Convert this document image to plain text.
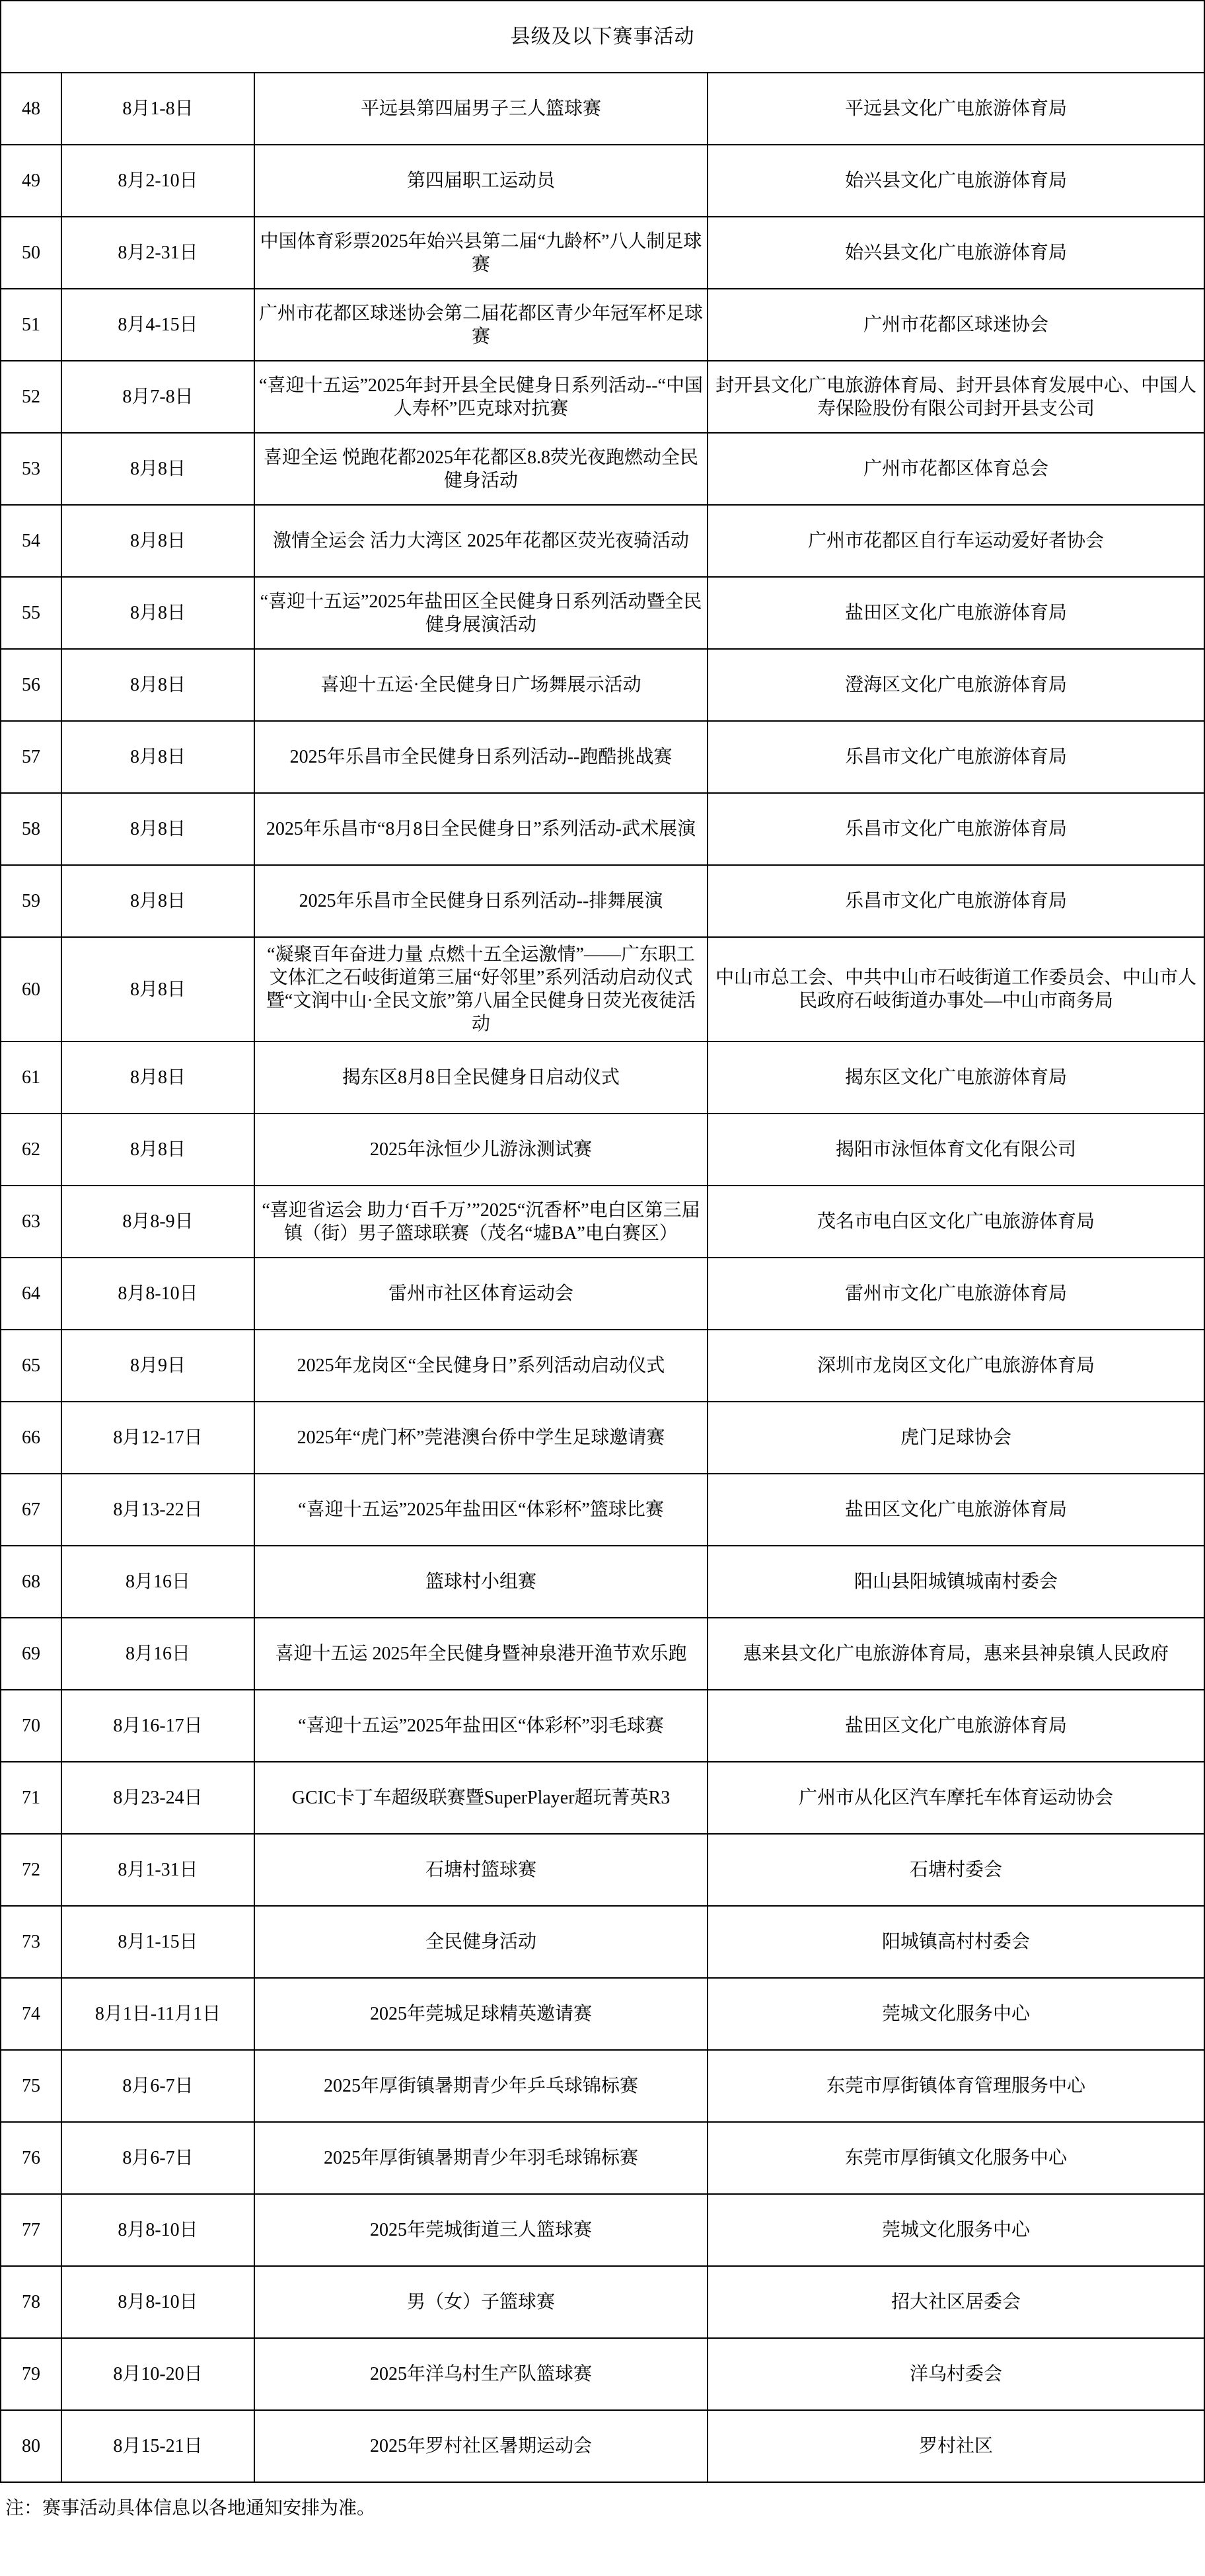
县级及以下赛事活动			
48	8月1-8日	平远县第四届男子三人篮球赛	平远县文化广电旅游体育局
49	8月2-10日	第四届职工运动员	始兴县文化广电旅游体育局
50	8月2-31日	中国体育彩票2025年始兴县第二届“九龄杯”八人制足球赛	始兴县文化广电旅游体育局
51	8月4-15日	广州市花都区球迷协会第二届花都区青少年冠军杯足球赛	广州市花都区球迷协会
52	8月7-8日	“喜迎十五运”2025年封开县全民健身日系列活动--“中国人寿杯”匹克球对抗赛	封开县文化广电旅游体育局、封开县体育发展中心、中国人寿保险股份有限公司封开县支公司
53	8月8日	喜迎全运 悦跑花都2025年花都区8.8荧光夜跑燃动全民健身活动	广州市花都区体育总会
54	8月8日	激情全运会 活力大湾区 2025年花都区荧光夜骑活动	广州市花都区自行车运动爱好者协会
55	8月8日	“喜迎十五运”2025年盐田区全民健身日系列活动暨全民健身展演活动	盐田区文化广电旅游体育局
56	8月8日	喜迎十五运·全民健身日广场舞展示活动	澄海区文化广电旅游体育局
57	8月8日	2025年乐昌市全民健身日系列活动--跑酷挑战赛	乐昌市文化广电旅游体育局
58	8月8日	2025年乐昌市“8月8日全民健身日”系列活动-武术展演	乐昌市文化广电旅游体育局
59	8月8日	2025年乐昌市全民健身日系列活动--排舞展演	乐昌市文化广电旅游体育局
60	8月8日	“凝聚百年奋进力量 点燃十五全运激情”——广东职工文体汇之石岐街道第三届“好邻里”系列活动启动仪式暨“文润中山·全民文旅”第八届全民健身日荧光夜徒活动	中山市总工会、中共中山市石岐街道工作委员会、中山市人民政府石岐街道办事处—中山市商务局
61	8月8日	揭东区8月8日全民健身日启动仪式	揭东区文化广电旅游体育局
62	8月8日	2025年泳恒少儿游泳测试赛	揭阳市泳恒体育文化有限公司
63	8月8-9日	“喜迎省运会 助力‘百千万’”2025“沉香杯”电白区第三届镇（街）男子篮球联赛（茂名“墟BA”电白赛区）	茂名市电白区文化广电旅游体育局
64	8月8-10日	雷州市社区体育运动会	雷州市文化广电旅游体育局
65	8月9日	2025年龙岗区“全民健身日”系列活动启动仪式	深圳市龙岗区文化广电旅游体育局
66	8月12-17日	2025年“虎门杯”莞港澳台侨中学生足球邀请赛	虎门足球协会
67	8月13-22日	“喜迎十五运”2025年盐田区“体彩杯”篮球比赛	盐田区文化广电旅游体育局
68	8月16日	篮球村小组赛	阳山县阳城镇城南村委会
69	8月16日	喜迎十五运 2025年全民健身暨神泉港开渔节欢乐跑	惠来县文化广电旅游体育局，惠来县神泉镇人民政府
70	8月16-17日	“喜迎十五运”2025年盐田区“体彩杯”羽毛球赛	盐田区文化广电旅游体育局
71	8月23-24日	GCIC卡丁车超级联赛暨SuperPlayer超玩菁英R3	广州市从化区汽车摩托车体育运动协会
72	8月1-31日	石塘村篮球赛	石塘村委会
73	8月1-15日	全民健身活动	阳城镇高村村委会
74	8月1日-11月1日	2025年莞城足球精英邀请赛	莞城文化服务中心
75	8月6-7日	2025年厚街镇暑期青少年乒乓球锦标赛	东莞市厚街镇体育管理服务中心
76	8月6-7日	2025年厚街镇暑期青少年羽毛球锦标赛	东莞市厚街镇文化服务中心
77	8月8-10日	2025年莞城街道三人篮球赛	莞城文化服务中心
78	8月8-10日	男（女）子篮球赛	招大社区居委会
79	8月10-20日	2025年洋乌村生产队篮球赛	洋乌村委会
80	8月15-21日	2025年罗村社区暑期运动会	罗村社区
注：赛事活动具体信息以各地通知安排为准。
